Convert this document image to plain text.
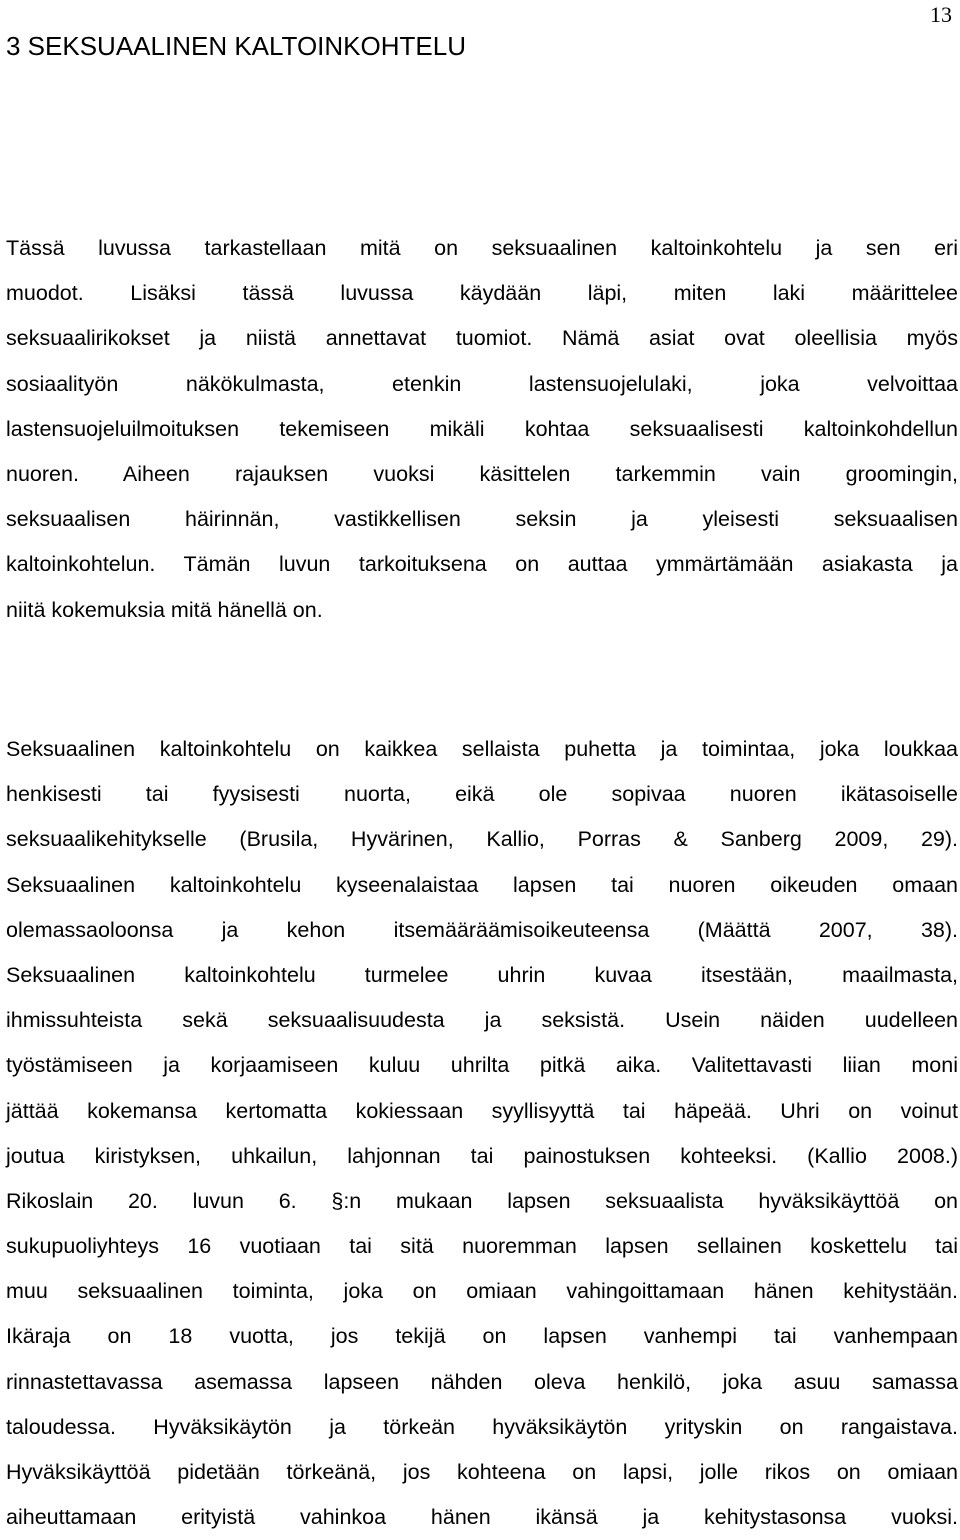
13
3 SEKSUAALINEN KALTOINKOHTELU
Tässä luvussa tarkastellaan mitä on seksuaalinen kaltoinkohtelu ja sen eri
muodot. Lisäksi tässä luvussa käydään läpi, miten laki määrittelee
seksuaalirikokset ja niistä annettavat tuomiot. Nämä asiat ovat oleellisia myös
sosiaalityön näkökulmasta, etenkin lastensuojelulaki, joka velvoittaa
lastensuojeluilmoituksen tekemiseen mikäli kohtaa seksuaalisesti kaltoinkohdellun
nuoren. Aiheen rajauksen vuoksi käsittelen tarkemmin vain groomingin,
seksuaalisen häirinnän, vastikkellisen seksin ja yleisesti seksuaalisen
kaltoinkohtelun. Tämän luvun tarkoituksena on auttaa ymmärtämään asiakasta ja
niitä kokemuksia mitä hänellä on.
Seksuaalinen kaltoinkohtelu on kaikkea sellaista puhetta ja toimintaa, joka loukkaa
henkisesti tai fyysisesti nuorta, eikä ole sopivaa nuoren ikätasoiselle
seksuaalikehitykselle (Brusila, Hyvärinen, Kallio, Porras & Sanberg 2009, 29).
Seksuaalinen kaltoinkohtelu kyseenalaistaa lapsen tai nuoren oikeuden omaan
olemassaoloonsa ja kehon itsemääräämisoikeuteensa (Määttä 2007, 38).
Seksuaalinen kaltoinkohtelu turmelee uhrin kuvaa itsestään, maailmasta,
ihmissuhteista sekä seksuaalisuudesta ja seksistä. Usein näiden uudelleen
työstämiseen ja korjaamiseen kuluu uhrilta pitkä aika. Valitettavasti liian moni
jättää kokemansa kertomatta kokiessaan syyllisyyttä tai häpeää. Uhri on voinut
joutua kiristyksen, uhkailun, lahjonnan tai painostuksen kohteeksi. (Kallio 2008.)
Rikoslain 20. luvun 6. §:n mukaan lapsen seksuaalista hyväksikäyttöä on
sukupuoliyhteys 16 vuotiaan tai sitä nuoremman lapsen sellainen koskettelu tai
muu seksuaalinen toiminta, joka on omiaan vahingoittamaan hänen kehitystään.
Ikäraja on 18 vuotta, jos tekijä on lapsen vanhempi tai vanhempaan
rinnastettavassa asemassa lapseen nähden oleva henkilö, joka asuu samassa
taloudessa. Hyväksikäytön ja törkeän hyväksikäytön yrityskin on rangaistava.
Hyväksikäyttöä pidetään törkeänä, jos kohteena on lapsi, jolle rikos on omiaan
aiheuttamaan erityistä vahinkoa hänen ikänsä ja kehitystasonsa vuoksi.
